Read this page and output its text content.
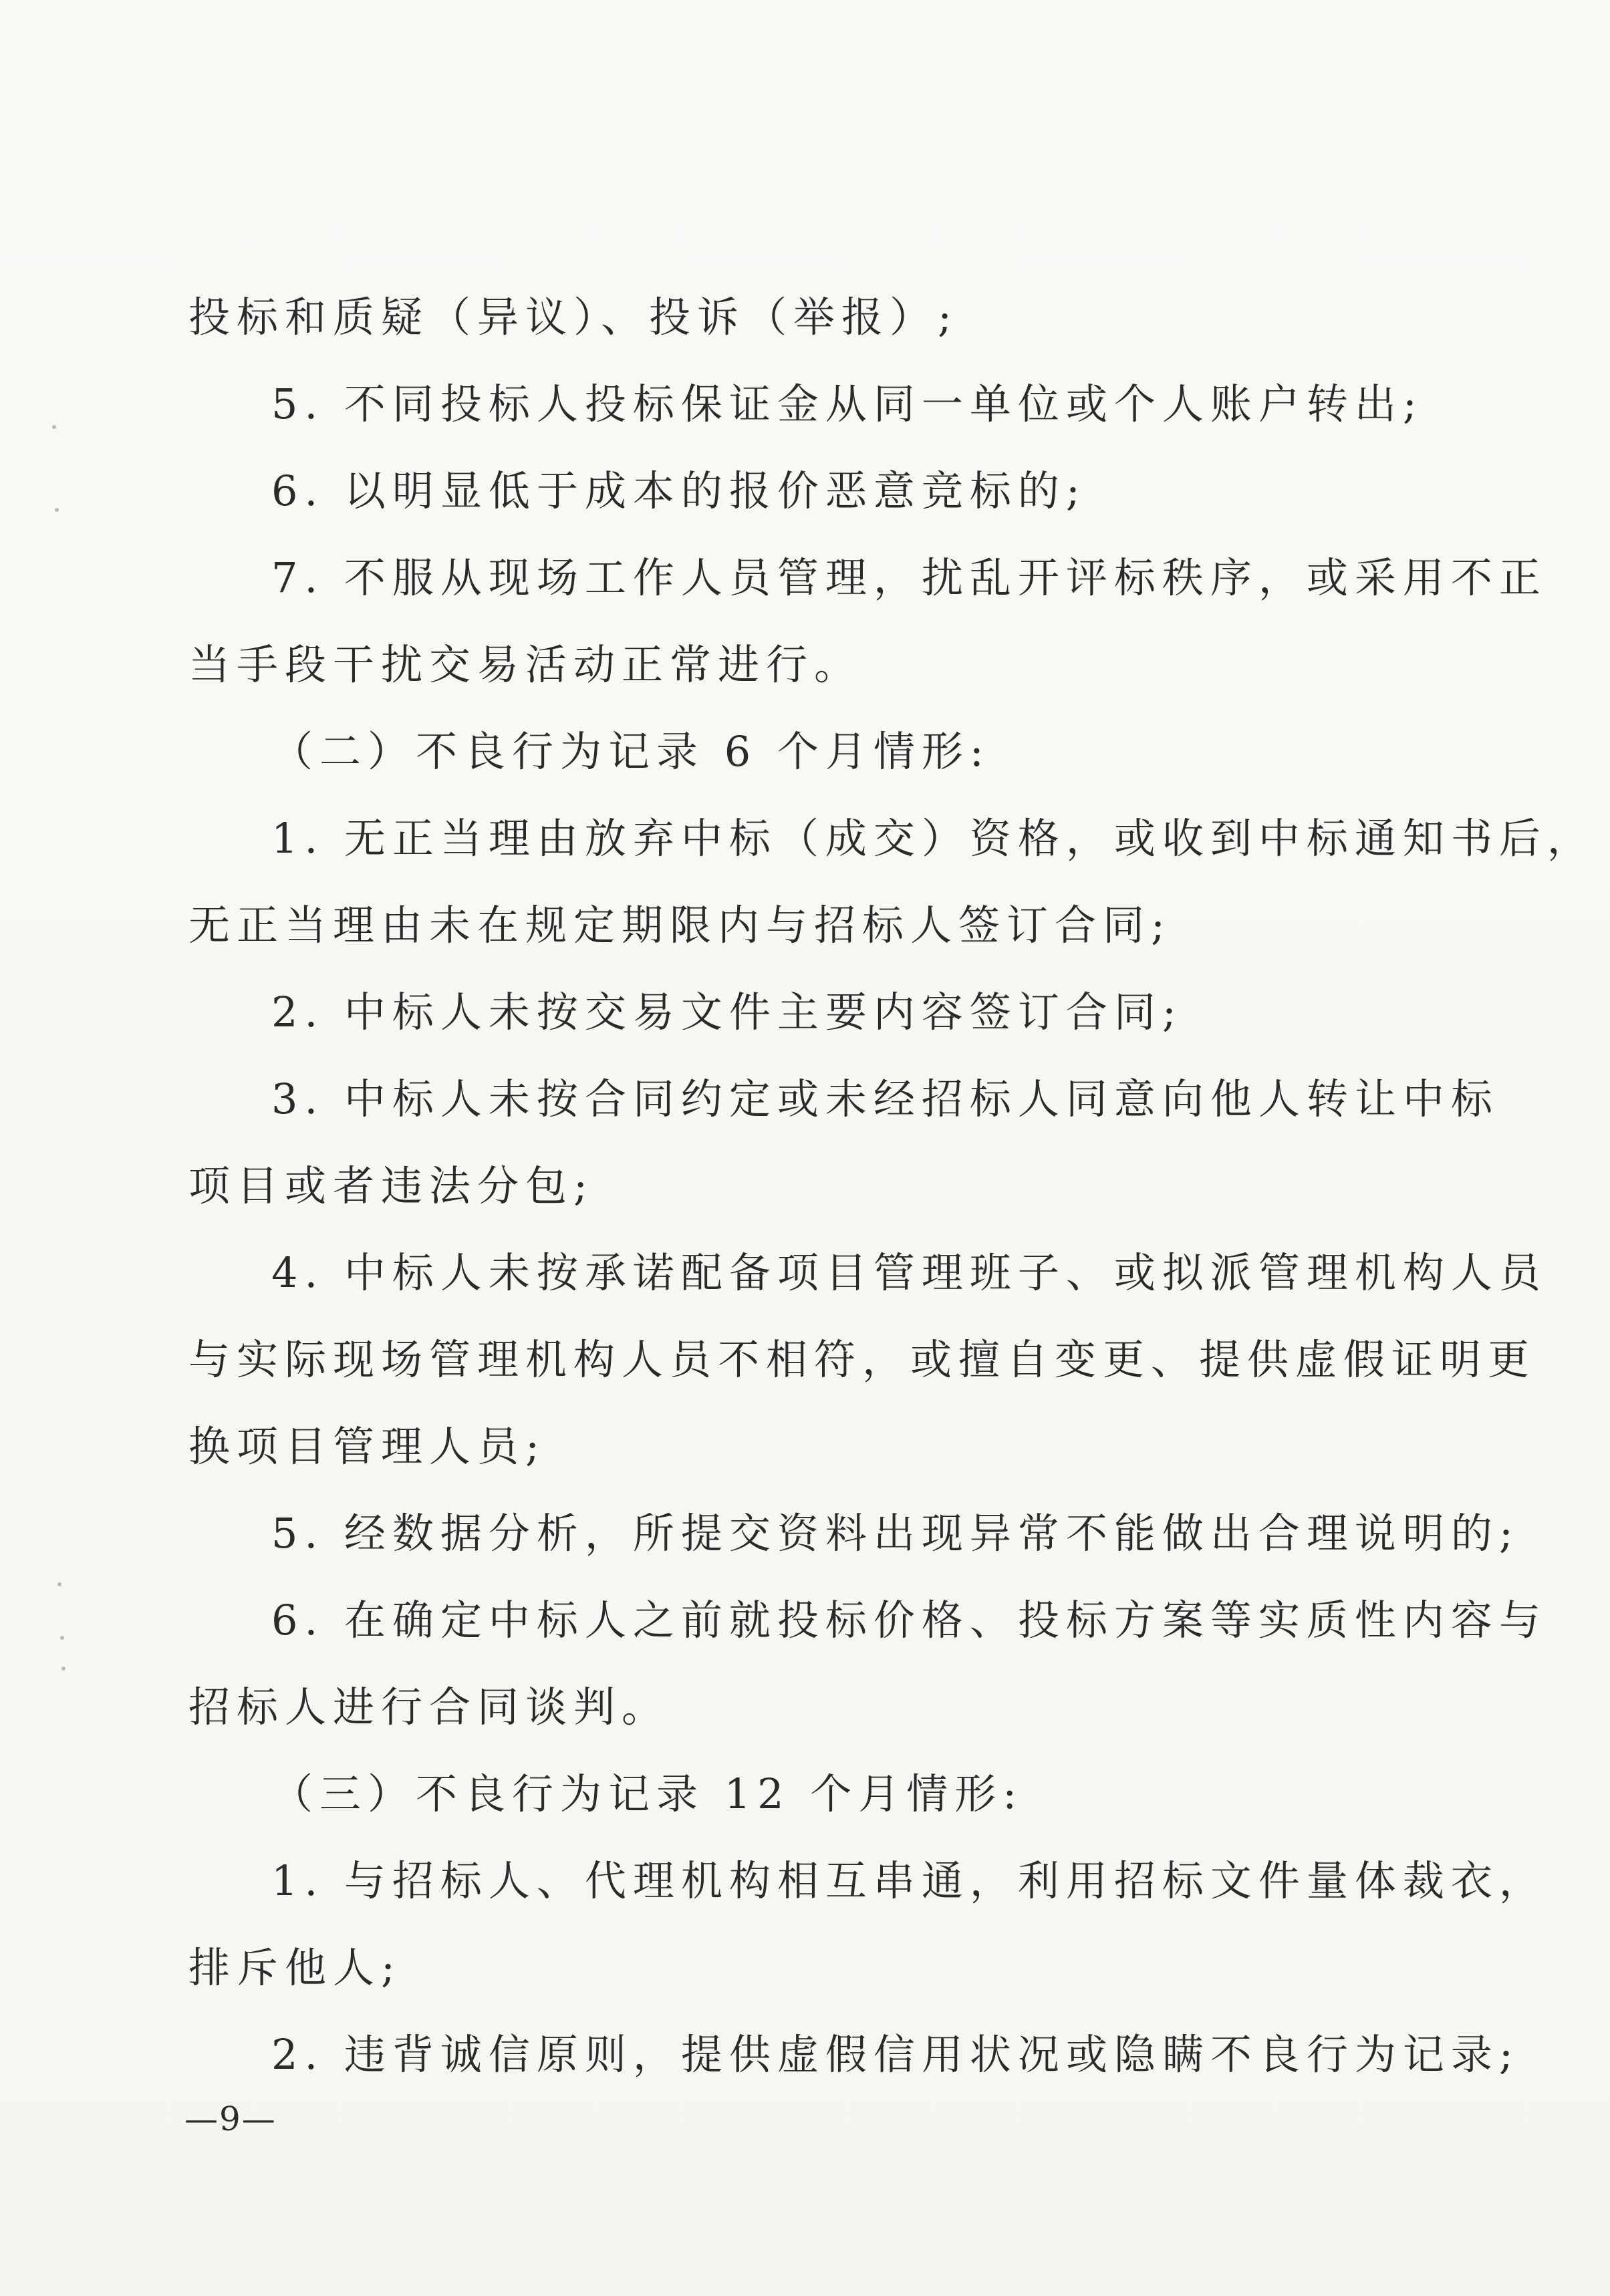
投标和质疑（异议）、投诉（举报）;
5. 不同投标人投标保证金从同一单位或个人账户转出;
6. 以明显低于成本的报价恶意竞标的;
7. 不服从现场工作人员管理，扰乱开评标秩序，或采用不正
当手段干扰交易活动正常进行。
（二）不良行为记录 6 个月情形:
1. 无正当理由放弃中标（成交）资格，或收到中标通知书后，
无正当理由未在规定期限内与招标人签订合同;
2. 中标人未按交易文件主要内容签订合同;
3. 中标人未按合同约定或未经招标人同意向他人转让中标
项目或者违法分包;
4. 中标人未按承诺配备项目管理班子、或拟派管理机构人员
与实际现场管理机构人员不相符，或擅自变更、提供虚假证明更
换项目管理人员;
5. 经数据分析，所提交资料出现异常不能做出合理说明的;
6. 在确定中标人之前就投标价格、投标方案等实质性内容与
招标人进行合同谈判。
（三）不良行为记录 12 个月情形:
1. 与招标人、代理机构相互串通，利用招标文件量体裁衣，
排斥他人;
2. 违背诚信原则，提供虚假信用状况或隐瞒不良行为记录;
—9—
